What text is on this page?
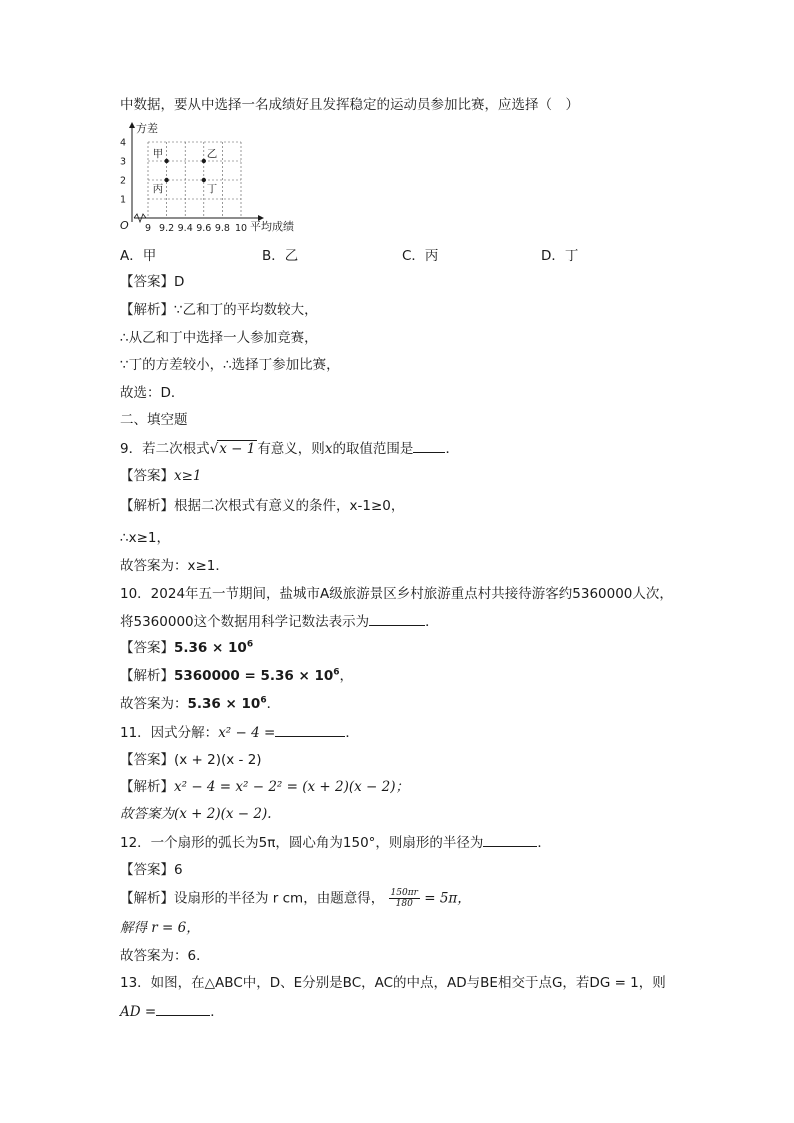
中数据，要从中选择一名成绩好且发挥稳定的运动员参加比赛，应选择（　）
9 9.2 9.4 9.6 9.8 10
1
2
3
4
甲	乙
丙	丁
方差
平均成绩
O
A．甲	B．乙	C．丙	D．丁
【答案】D
【解析】∵乙和丁的平均数较大，
∴从乙和丁中选择一人参加竞赛，
∵丁的方差较小，∴选择丁参加比赛，
故选：D．
二、填空题
9．若二次根式√x − 1 有意义，则x的取值范围是 ．
【答案】x≥1
【解析】根据二次根式有意义的条件，x-1≥0，
∴x≥1，
故答案为：x≥1．
10．2024年五一节期间，盐城市A级旅游景区乡村旅游重点村共接待游客约5360000人次，
将5360000这个数据用科学记数法表示为	．
【答案】$5.36 \times 10^6$
【解析】$5360000 = 5.36 \times 10^6$，
故答案为：$5.36 \times 10^6$．
11．因式分解：x² − 4 =	．
【答案】(x + 2)(x - 2)
【解析】x² − 4 = x² − 2² = (x + 2)(x − 2)；
故答案为(x + 2)(x − 2).
12．一个扇形的弧长为5π，圆心角为150°，则扇形的半径为	．
【答案】6
【解析】设扇形的半径为 r cm，由题意得， $\frac{150\pi r}{180} = 5\pi$，
解得 r = 6，
故答案为：6．
13．如图，在△ABC中，D、E分别是BC，AC的中点，AD与BE相交于点G，若DG = 1，则
AD =	．
